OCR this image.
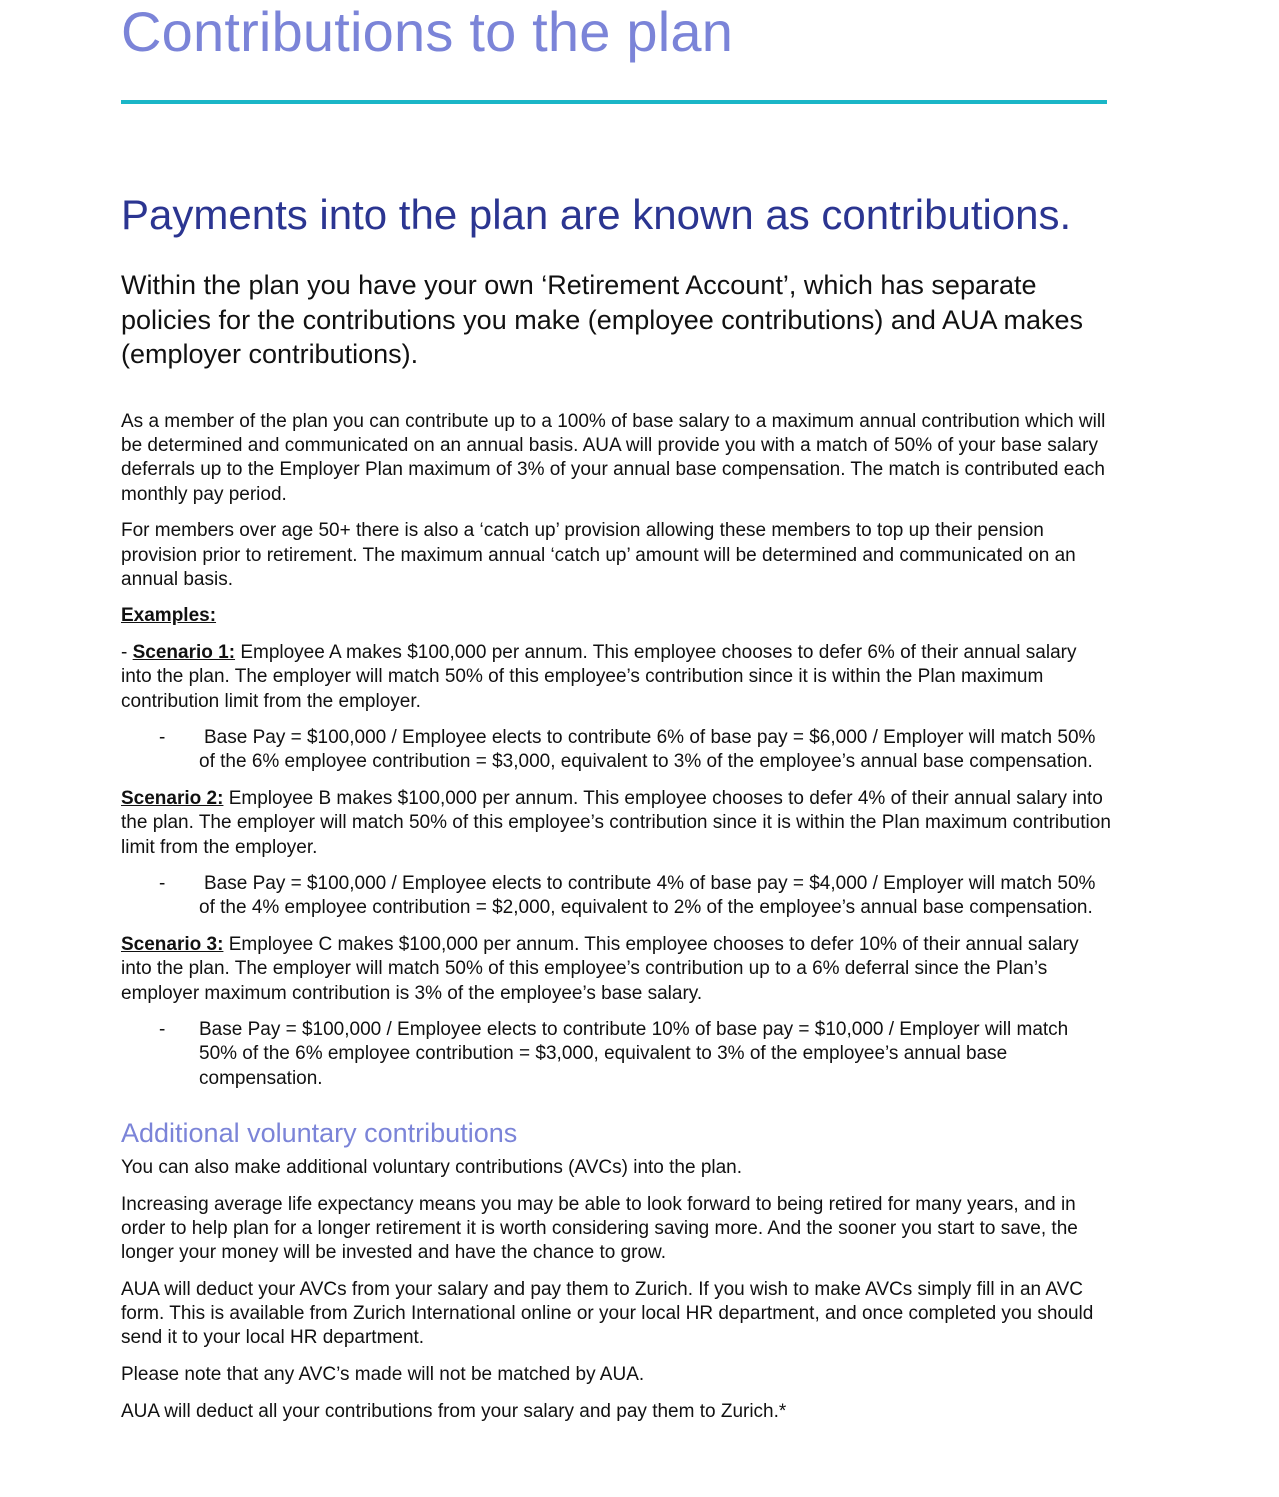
Contributions to the plan
Payments into the plan are known as contributions.

Within the plan you have your own ‘Retirement Account’, which has separate policies for the contributions you make (employee contributions) and AUA makes (employer contributions).

As a member of the plan you can contribute up to a 100% of base salary to a maximum annual contribution which will be determined and communicated on an annual basis. AUA will provide you with a match of 50% of your base salary deferrals up to the Employer Plan maximum of 3% of your annual base compensation. The match is contributed each monthly pay period.

For members over age 50+ there is also a ‘catch up’ provision allowing these members to top up their pension provision prior to retirement. The maximum annual ‘catch up’ amount will be determined and communicated on an annual basis.

Examples:

- Scenario 1: Employee A makes $100,000 per annum. This employee chooses to defer 6% of their annual salary into the plan. The employer will match 50% of this employee’s contribution since it is within the Plan maximum contribution limit from the employer.

- Base Pay = $100,000 / Employee elects to contribute 6% of base pay = $6,000 / Employer will match 50% of the 6% employee contribution = $3,000, equivalent to 3% of the employee’s annual base compensation.

Scenario 2: Employee B makes $100,000 per annum. This employee chooses to defer 4% of their annual salary into the plan. The employer will match 50% of this employee’s contribution since it is within the Plan maximum contribution limit from the employer.

- Base Pay = $100,000 / Employee elects to contribute 4% of base pay = $4,000 / Employer will match 50% of the 4% employee contribution = $2,000, equivalent to 2% of the employee’s annual base compensation.

Scenario 3: Employee C makes $100,000 per annum. This employee chooses to defer 10% of their annual salary into the plan. The employer will match 50% of this employee’s contribution up to a 6% deferral since the Plan’s employer maximum contribution is 3% of the employee’s base salary.

- Base Pay = $100,000 / Employee elects to contribute 10% of base pay = $10,000 / Employer will match 50% of the 6% employee contribution = $3,000, equivalent to 3% of the employee’s annual base compensation.

Additional voluntary contributions

You can also make additional voluntary contributions (AVCs) into the plan.

Increasing average life expectancy means you may be able to look forward to being retired for many years, and in order to help plan for a longer retirement it is worth considering saving more. And the sooner you start to save, the longer your money will be invested and have the chance to grow.

AUA will deduct your AVCs from your salary and pay them to Zurich. If you wish to make AVCs simply fill in an AVC form. This is available from Zurich International online or your local HR department, and once completed you should send it to your local HR department.

Please note that any AVC’s made will not be matched by AUA.

AUA will deduct all your contributions from your salary and pay them to Zurich.*
